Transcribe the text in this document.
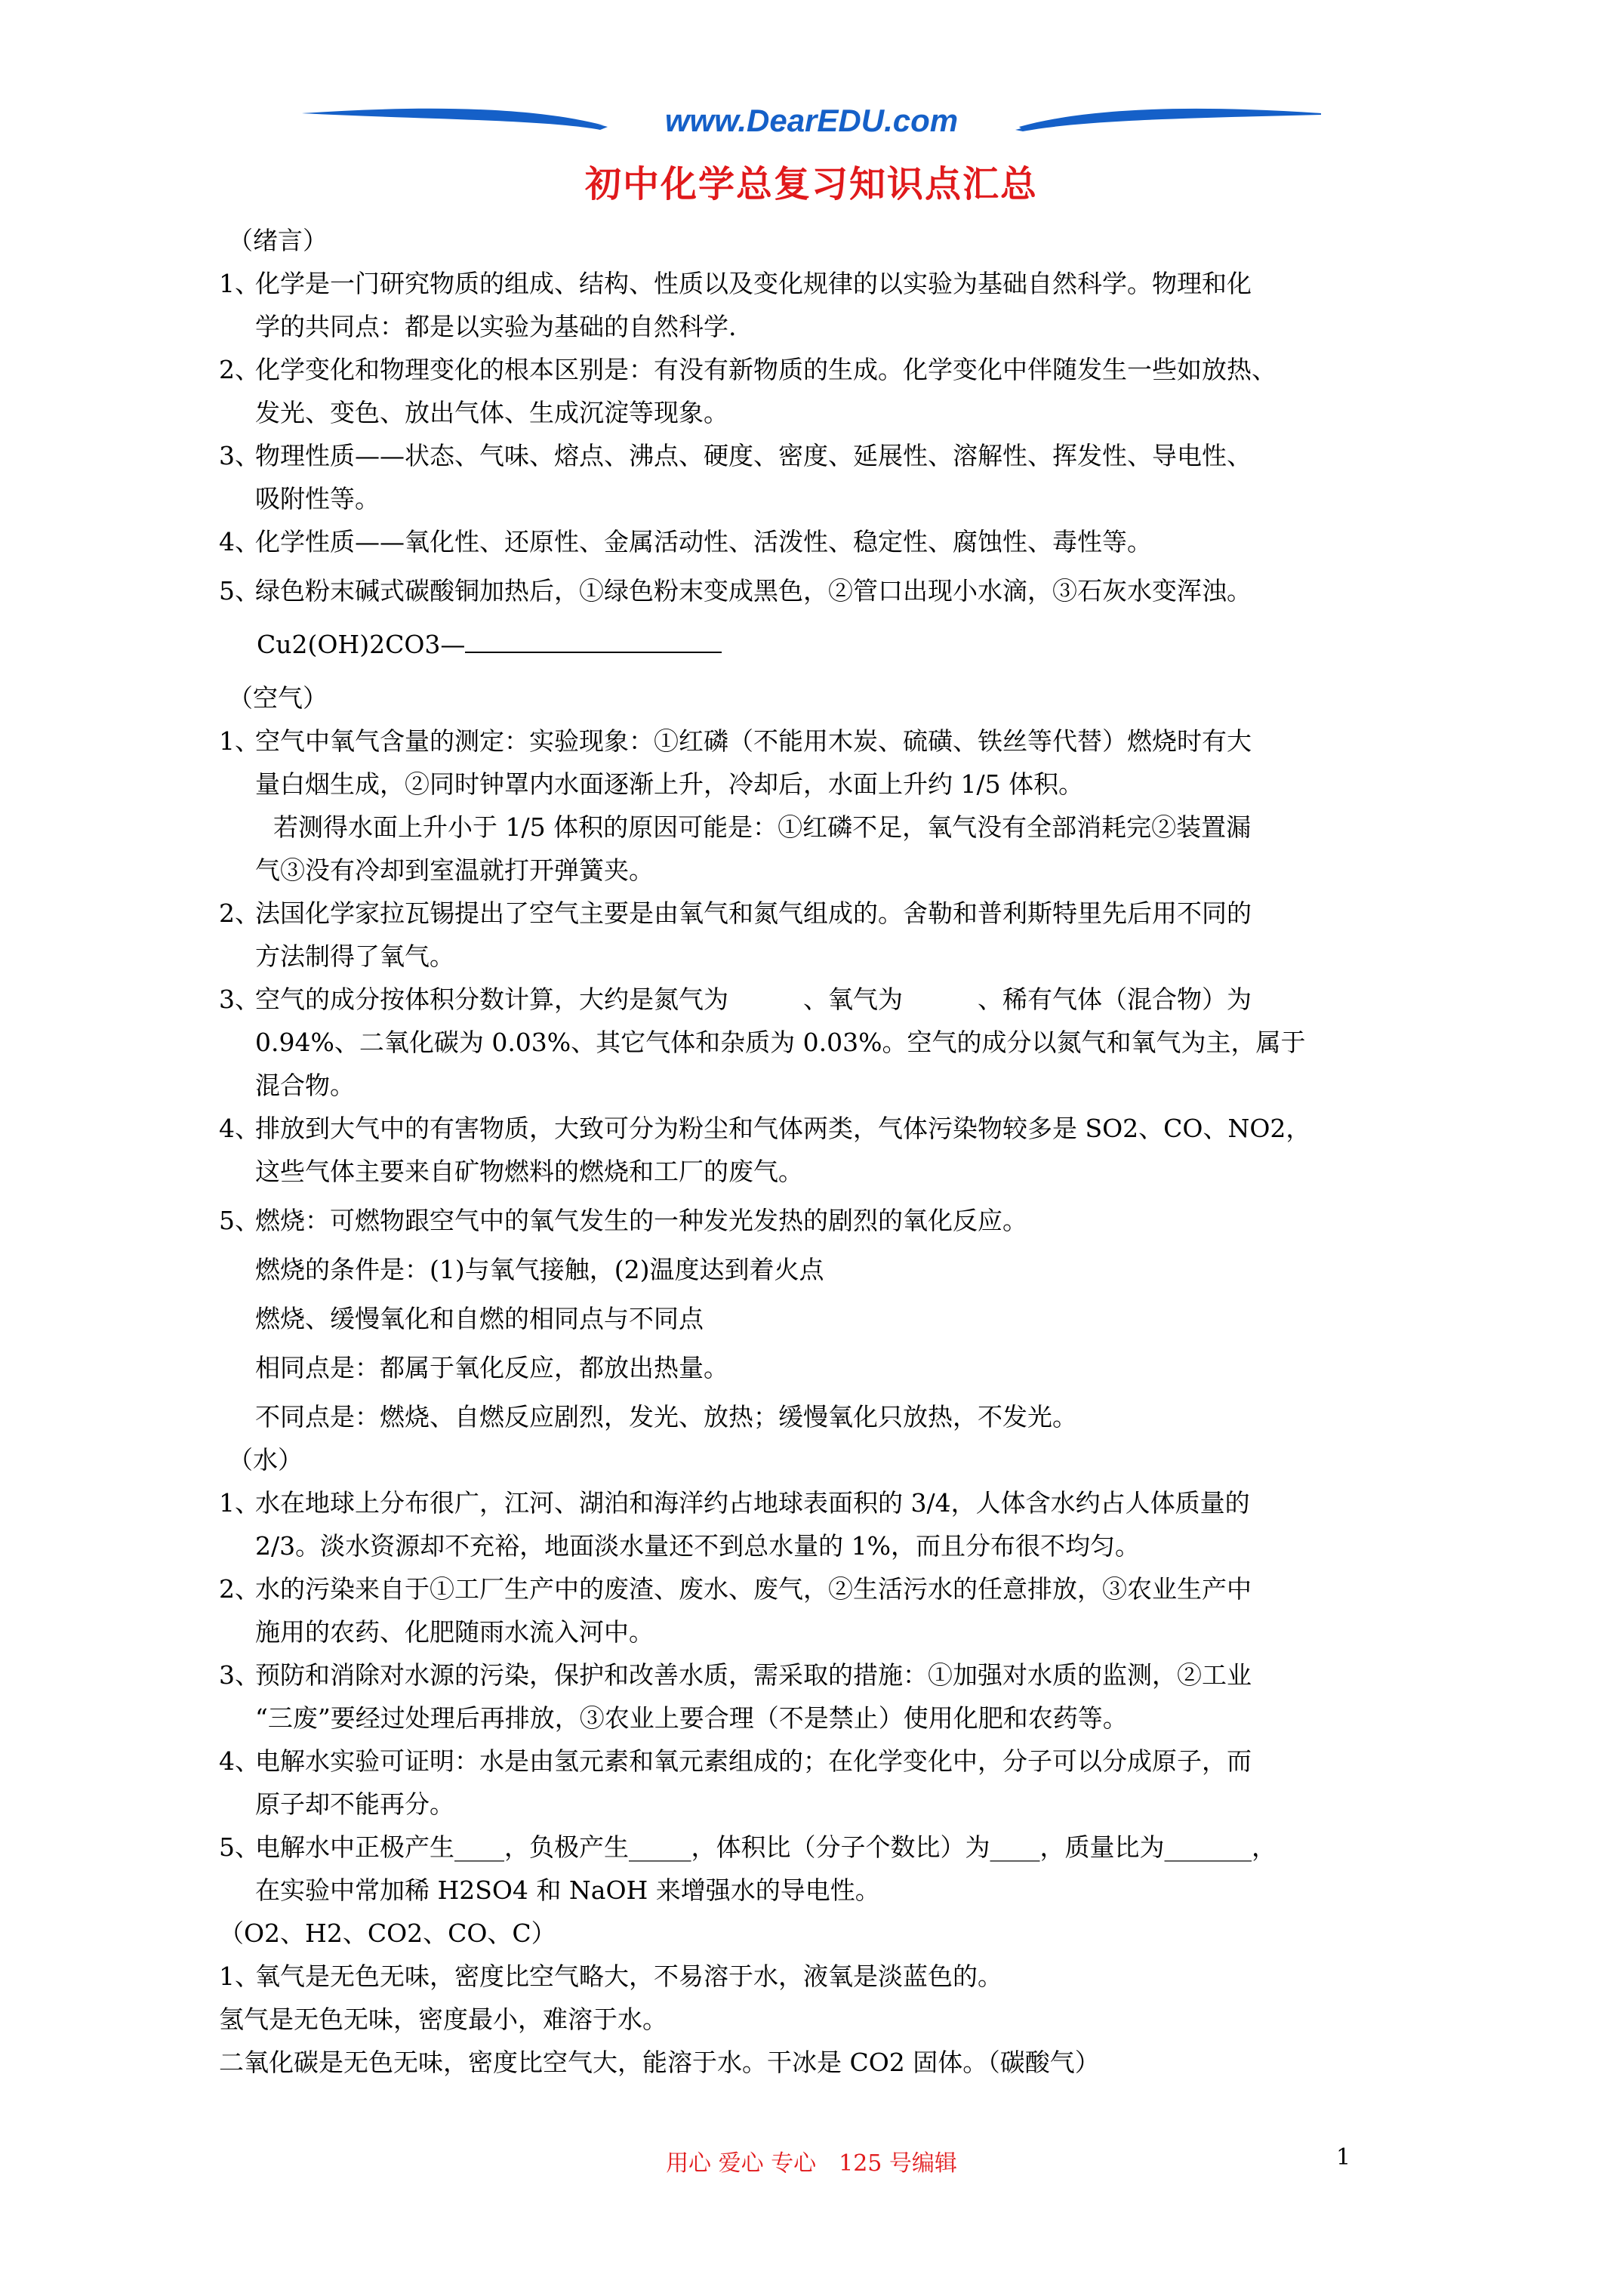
www.DearEDU.com
初中化学总复习知识点汇总
（绪言）
1、
化学是一门研究物质的组成、结构、性质以及变化规律的以实验为基础自然科学。物理和化
学的共同点：都是以实验为基础的自然科学.
2、
化学变化和物理变化的根本区别是：有没有新物质的生成。化学变化中伴随发生一些如放热、
发光、变色、放出气体、生成沉淀等现象。
3、
物理性质——状态、气味、熔点、沸点、硬度、密度、延展性、溶解性、挥发性、导电性、
吸附性等。
4、
化学性质——氧化性、还原性、金属活动性、活泼性、稳定性、腐蚀性、毒性等。
5、
绿色粉末碱式碳酸铜加热后，①绿色粉末变成黑色，②管口出现小水滴，③石灰水变浑浊。
Cu2(OH)2CO3—
（空气）
1、
空气中氧气含量的测定：实验现象：①红磷（不能用木炭、硫磺、铁丝等代替）燃烧时有大
量白烟生成，②同时钟罩内水面逐渐上升，冷却后，水面上升约 1/5 体积。
若测得水面上升小于 1/5 体积的原因可能是：①红磷不足，氧气没有全部消耗完②装置漏
气③没有冷却到室温就打开弹簧夹。
2、
法国化学家拉瓦锡提出了空气主要是由氧气和氮气组成的。舍勒和普利斯特里先后用不同的
方法制得了氧气。
3、
空气的成分按体积分数计算，大约是氮气为　　　、氧气为　　　、稀有气体（混合物）为
0.94%、二氧化碳为 0.03%、其它气体和杂质为 0.03%。空气的成分以氮气和氧气为主，属于
混合物。
4、
排放到大气中的有害物质，大致可分为粉尘和气体两类，气体污染物较多是 SO2、CO、NO2，
这些气体主要来自矿物燃料的燃烧和工厂的废气。
5、
燃烧：可燃物跟空气中的氧气发生的一种发光发热的剧烈的氧化反应。
燃烧的条件是：(1)与氧气接触，(2)温度达到着火点
燃烧、缓慢氧化和自燃的相同点与不同点
相同点是：都属于氧化反应，都放出热量。
不同点是：燃烧、自燃反应剧烈，发光、放热；缓慢氧化只放热，不发光。
（水）
1、
水在地球上分布很广，江河、湖泊和海洋约占地球表面积的 3/4，人体含水约占人体质量的
2/3。淡水资源却不充裕，地面淡水量还不到总水量的 1%，而且分布很不均匀。
2、
水的污染来自于①工厂生产中的废渣、废水、废气，②生活污水的任意排放，③农业生产中
施用的农药、化肥随雨水流入河中。
3、
预防和消除对水源的污染，保护和改善水质，需采取的措施：①加强对水质的监测，②工业
“三废”要经过处理后再排放，③农业上要合理（不是禁止）使用化肥和农药等。
4、
电解水实验可证明：水是由氢元素和氧元素组成的；在化学变化中，分子可以分成原子，而
原子却不能再分。
5、
电解水中正极产生____，负极产生_____，体积比（分子个数比）为____，质量比为_______，
在实验中常加稀 H2SO4 和 NaOH 来增强水的导电性。
（O2、H2、CO2、CO、C）
1、
氧气是无色无味，密度比空气略大，不易溶于水，液氧是淡蓝色的。
氢气是无色无味，密度最小，难溶于水。
二氧化碳是无色无味，密度比空气大，能溶于水。干冰是 CO2 固体。（碳酸气）
用心 爱心 专心　125 号编辑	1
